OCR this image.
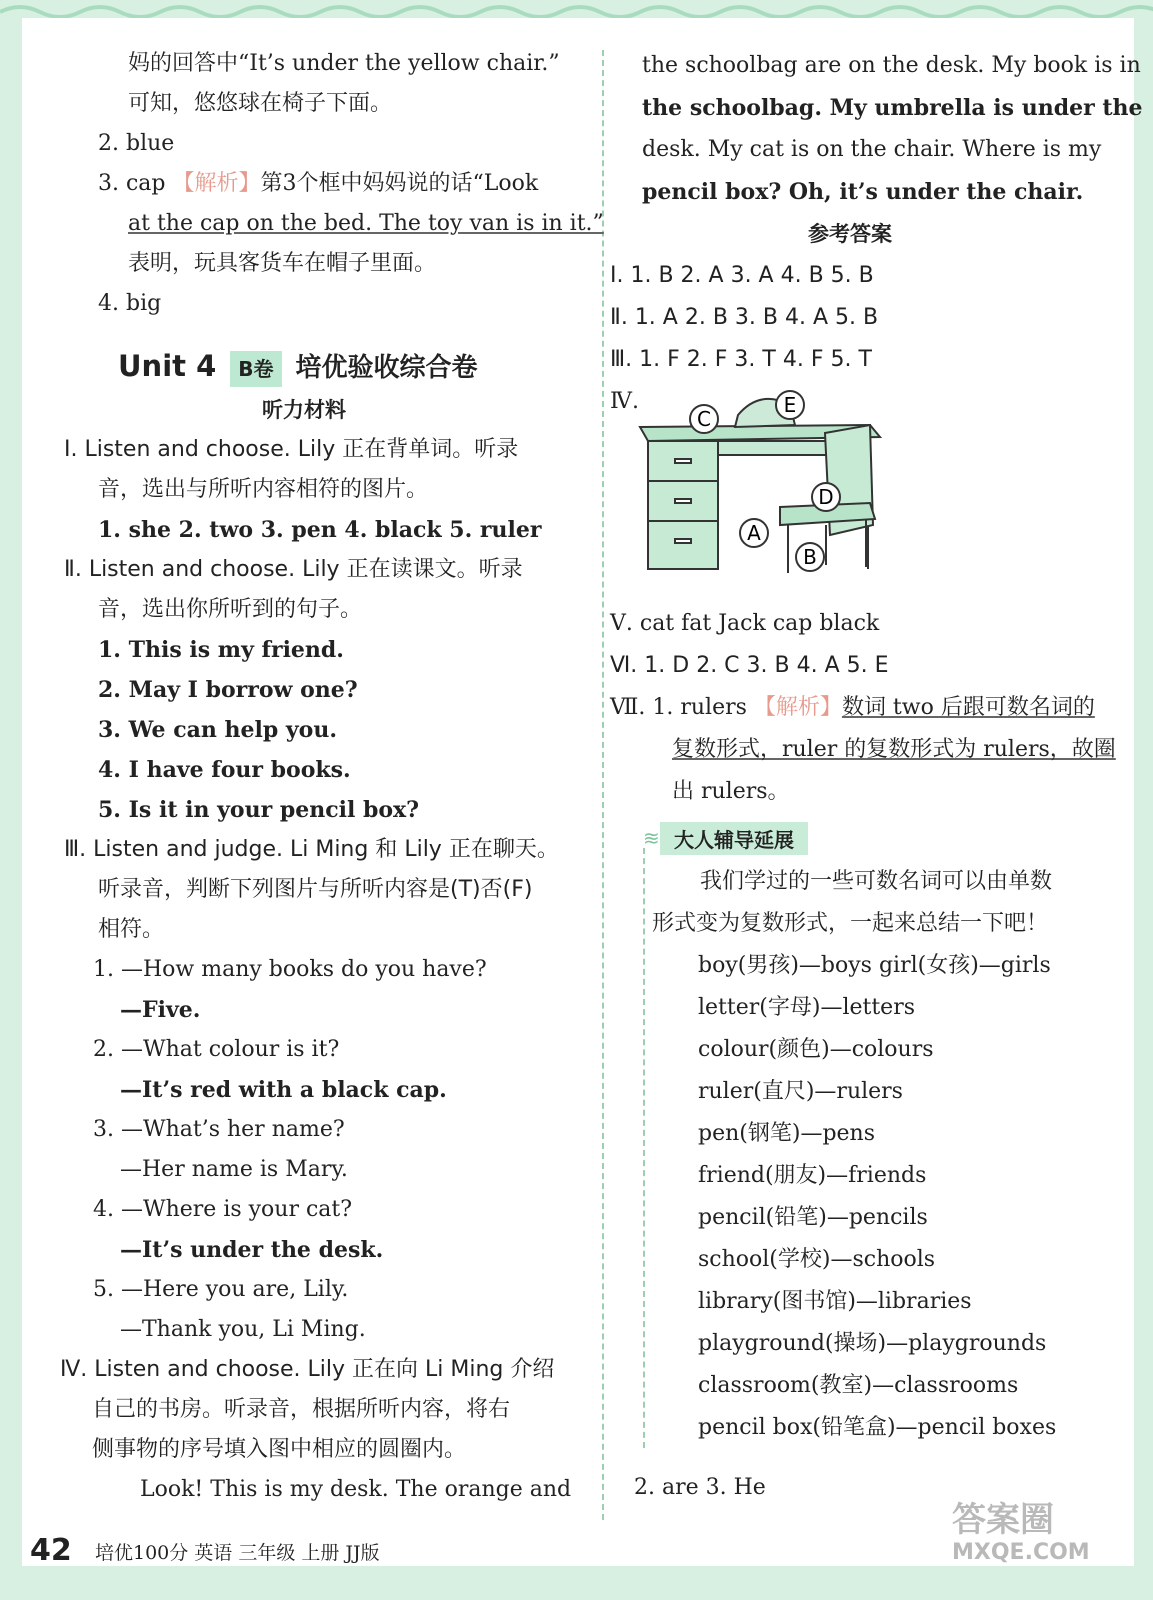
妈的回答中“It’s under the yellow chair.”
可知，悠悠球在椅子下面。
2. blue
3. cap 【解析】第3个框中妈妈说的话“Look
at the cap on the bed. The toy van is in it.”
表明，玩具客货车在帽子里面。
4. big
Unit 4 B卷 培优验收综合卷
听力材料
Ⅰ. Listen and choose. Lily 正在背单词。听录
音，选出与所听内容相符的图片。
1. she 2. two 3. pen 4. black 5. ruler
Ⅱ. Listen and choose. Lily 正在读课文。听录
音，选出你所听到的句子。
1. This is my friend.
2. May I borrow one?
3. We can help you.
4. I have four books.
5. Is it in your pencil box?
Ⅲ. Listen and judge. Li Ming 和 Lily 正在聊天。
听录音，判断下列图片与所听内容是(T)否(F)
相符。
1. —How many books do you have?
—Five.
2. —What colour is it?
—It’s red with a black cap.
3. —What’s her name?
—Her name is Mary.
4. —Where is your cat?
—It’s under the desk.
5. —Here you are, Lily.
—Thank you, Li Ming.
Ⅳ. Listen and choose. Lily 正在向 Li Ming 介绍
自己的书房。听录音，根据所听内容，将右
侧事物的序号填入图中相应的圆圈内。
Look! This is my desk. The orange and
the schoolbag are on the desk. My book is in
the schoolbag. My umbrella is under the
desk. My cat is on the chair. Where is my
pencil box? Oh, it’s under the chair.
参考答案
Ⅰ. 1. B 2. A 3. A 4. B 5. B
Ⅱ. 1. A 2. B 3. B 4. A 5. B
Ⅲ. 1. F 2. F 3. T 4. F 5. T
Ⅳ.
C
E
D
A
B
Ⅴ. cat fat Jack cap black
Ⅵ. 1. D 2. C 3. B 4. A 5. E
Ⅶ. 1. rulers 【解析】数词 two 后跟可数名词的
复数形式，ruler 的复数形式为 rulers，故圈
出 rulers。
≋ 大人辅导延展
我们学过的一些可数名词可以由单数
形式变为复数形式，一起来总结一下吧！
boy(男孩)—boys girl(女孩)—girls
letter(字母)—letters
colour(颜色)—colours
ruler(直尺)—rulers
pen(钢笔)—pens
friend(朋友)—friends
pencil(铅笔)—pencils
school(学校)—schools
library(图书馆)—libraries
playground(操场)—playgrounds
classroom(教室)—classrooms
pencil box(铅笔盒)—pencil boxes
2. are 3. He
42 培优100分 英语 三年级 上册 JJ版
答案圈
MXQE.COM
